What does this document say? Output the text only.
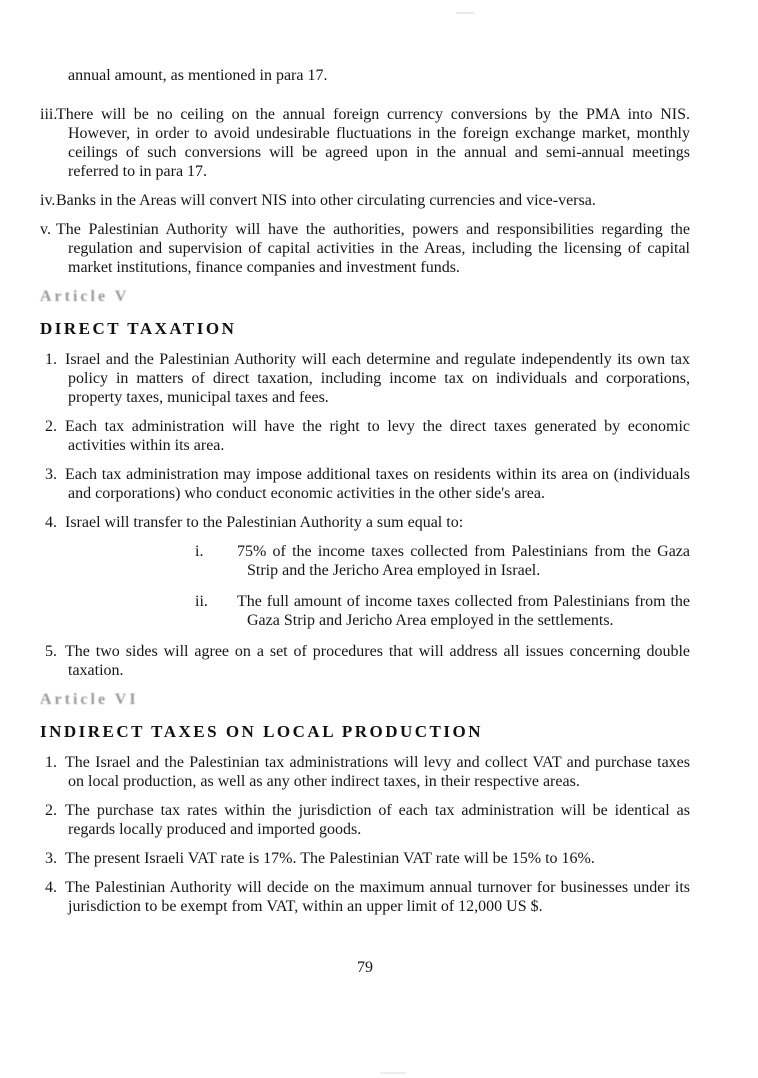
annual amount, as mentioned in para 17.

iii.There will be no ceiling on the annual foreign currency conversions by the PMA into NIS. However, in order to avoid undesirable fluctuations in the foreign exchange market, monthly ceilings of such conversions will be agreed upon in the annual and semi-annual meetings referred to in para 17.
iv.Banks in the Areas will convert NIS into other circulating currencies and vice-versa.
v. The Palestinian Authority will have the authorities, powers and responsibilities regarding the regulation and supervision of capital activities in the Areas, including the licensing of capital market institutions, finance companies and investment funds.
Article V
DIRECT TAXATION
1. Israel and the Palestinian Authority will each determine and regulate independently its own tax policy in matters of direct taxation, including income tax on individuals and corporations, property taxes, municipal taxes and fees.
2. Each tax administration will have the right to levy the direct taxes generated by economic activities within its area.
3. Each tax administration may impose additional taxes on residents within its area on (individuals and corporations) who conduct economic activities in the other side's area.
4. Israel will transfer to the Palestinian Authority a sum equal to:
i. 75% of the income taxes collected from Palestinians from the Gaza Strip and the Jericho Area employed in Israel.
ii. The full amount of income taxes collected from Palestinians from the Gaza Strip and Jericho Area employed in the settlements.
5. The two sides will agree on a set of procedures that will address all issues concerning double taxation.
Article VI
INDIRECT TAXES ON LOCAL PRODUCTION
1. The Israel and the Palestinian tax administrations will levy and collect VAT and purchase taxes on local production, as well as any other indirect taxes, in their respective areas.
2. The purchase tax rates within the jurisdiction of each tax administration will be identical as regards locally produced and imported goods.
3. The present Israeli VAT rate is 17%. The Palestinian VAT rate will be 15% to 16%.
4. The Palestinian Authority will decide on the maximum annual turnover for businesses under its jurisdiction to be exempt from VAT, within an upper limit of 12,000 US $.
79
